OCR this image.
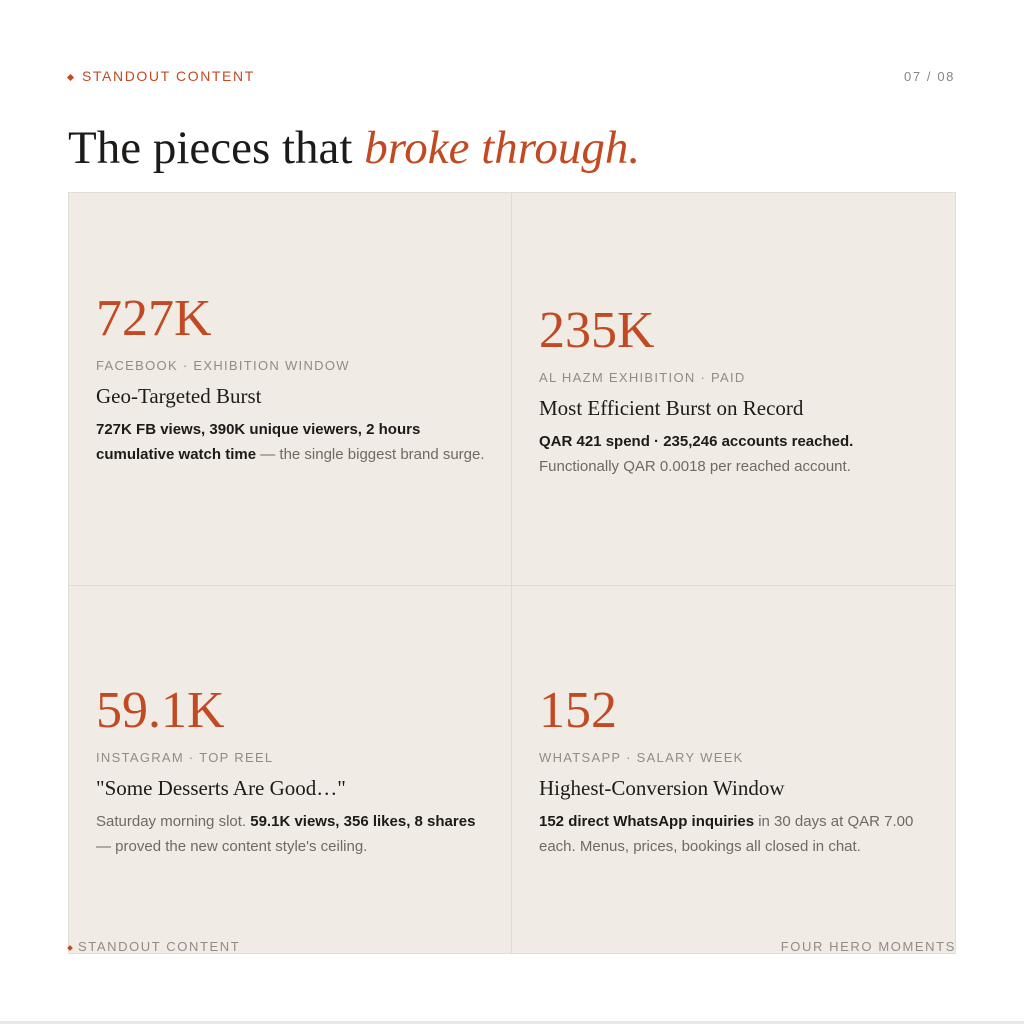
STANDOUT CONTENT	07 / 08
The pieces that broke through.
727K
FACEBOOK · EXHIBITION WINDOW
Geo-Targeted Burst
727K FB views, 390K unique viewers, 2 hours cumulative watch time — the single biggest brand surge.
235K
AL HAZM EXHIBITION · PAID
Most Efficient Burst on Record
QAR 421 spend · 235,246 accounts reached. Functionally QAR 0.0018 per reached account.
59.1K
INSTAGRAM · TOP REEL
"Some Desserts Are Good…"
Saturday morning slot. 59.1K views, 356 likes, 8 shares — proved the new content style's ceiling.
152
WHATSAPP · SALARY WEEK
Highest-Conversion Window
152 direct WhatsApp inquiries in 30 days at QAR 7.00 each. Menus, prices, bookings all closed in chat.
STANDOUT CONTENT	FOUR HERO MOMENTS
